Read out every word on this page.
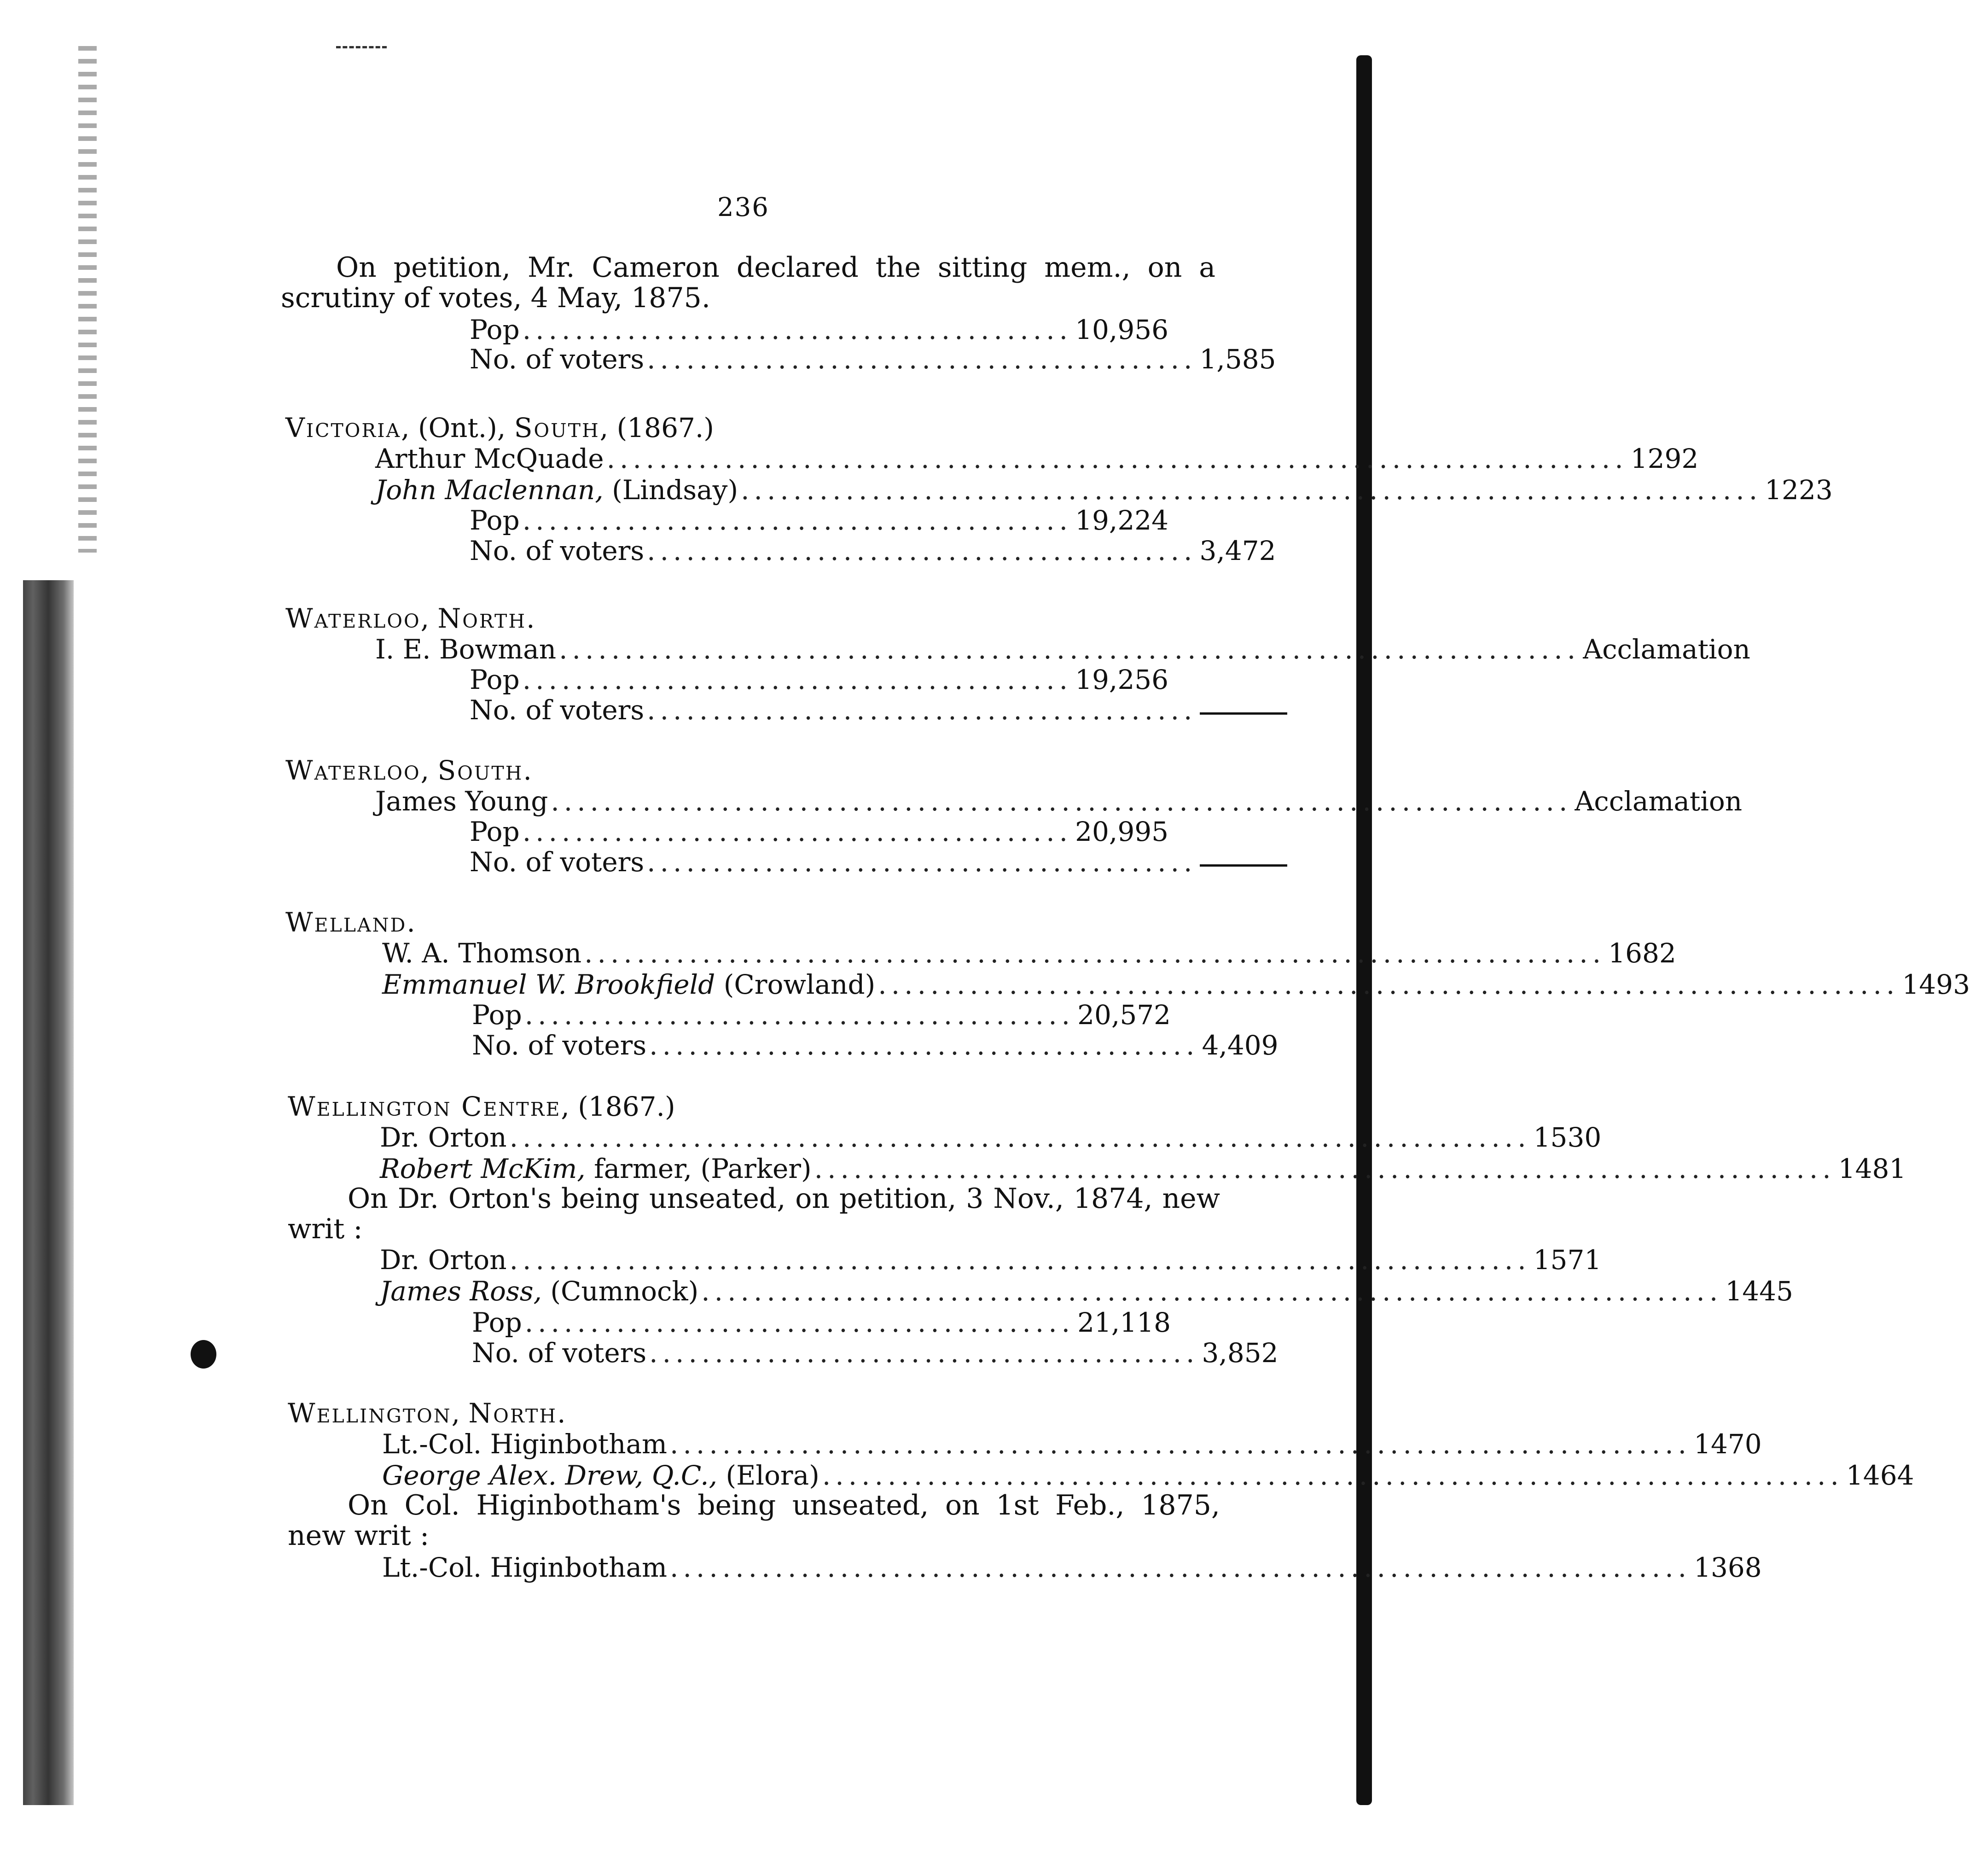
236
On petition, Mr. Cameron declared the sitting mem., on a scrutiny of votes, 4 May, 1875.
Pop .......................................... 10,956
No. of voters .......................................... 1,585
Victoria, (Ont.), South, (1867.)
Arthur McQuade .............................................................................. 1292
John Maclennan, (Lindsay) .............................................................................. 1223
Pop .......................................... 19,224
No. of voters .......................................... 3,472
Waterloo, North.
I. E. Bowman .............................................................................. Acclamation
Pop .......................................... 19,256
No. of voters ..........................................
Waterloo, South.
James Young .............................................................................. Acclamation
Pop .......................................... 20,995
No. of voters ..........................................
Welland.
W. A. Thomson .............................................................................. 1682
Emmanuel W. Brookfield (Crowland) .............................................................................. 1493
Pop .......................................... 20,572
No. of voters .......................................... 4,409
Wellington Centre, (1867.)
Dr. Orton .............................................................................. 1530
Robert McKim, farmer, (Parker) .............................................................................. 1481
On Dr. Orton's being unseated, on petition, 3 Nov., 1874, new writ :
Dr. Orton .............................................................................. 1571
James Ross, (Cumnock) .............................................................................. 1445
Pop .......................................... 21,118
No. of voters .......................................... 3,852
Wellington, North.
Lt.-Col. Higinbotham .............................................................................. 1470
George Alex. Drew, Q.C., (Elora) .............................................................................. 1464
On Col. Higinbotham's being unseated, on 1st Feb., 1875, new writ :
Lt.-Col. Higinbotham .............................................................................. 1368
